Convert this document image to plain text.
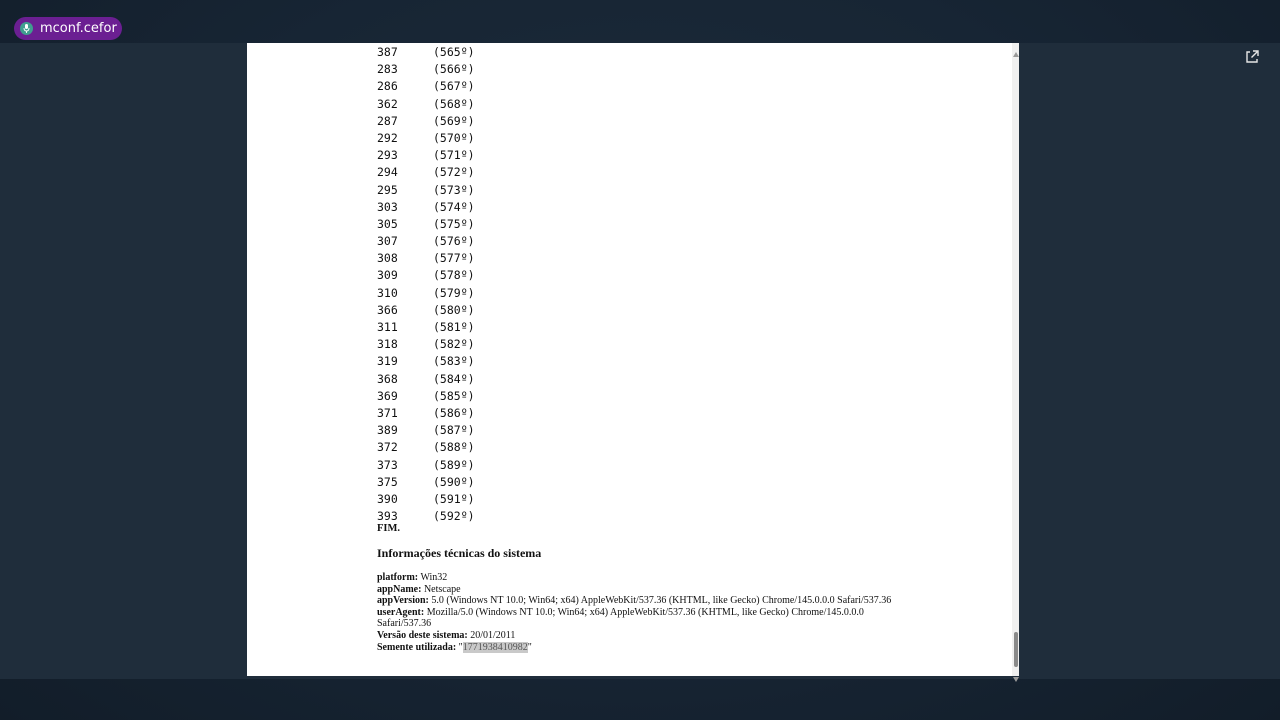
mconf.cefor
387	(565º)
283	(566º)
286	(567º)
362	(568º)
287	(569º)
292	(570º)
293	(571º)
294	(572º)
295	(573º)
303	(574º)
305	(575º)
307	(576º)
308	(577º)
309	(578º)
310	(579º)
366	(580º)
311	(581º)
318	(582º)
319	(583º)
368	(584º)
369	(585º)
371	(586º)
389	(587º)
372	(588º)
373	(589º)
375	(590º)
390	(591º)
393	(592º)
FIM.
Informações técnicas do sistema
platform: Win32
appName: Netscape
appVersion: 5.0 (Windows NT 10.0; Win64; x64) AppleWebKit/537.36 (KHTML, like Gecko) Chrome/145.0.0.0 Safari/537.36
userAgent: Mozilla/5.0 (Windows NT 10.0; Win64; x64) AppleWebKit/537.36 (KHTML, like Gecko) Chrome/145.0.0.0 Safari/537.36
Versão deste sistema: 20/01/2011
Semente utilizada: "1771938410982"
